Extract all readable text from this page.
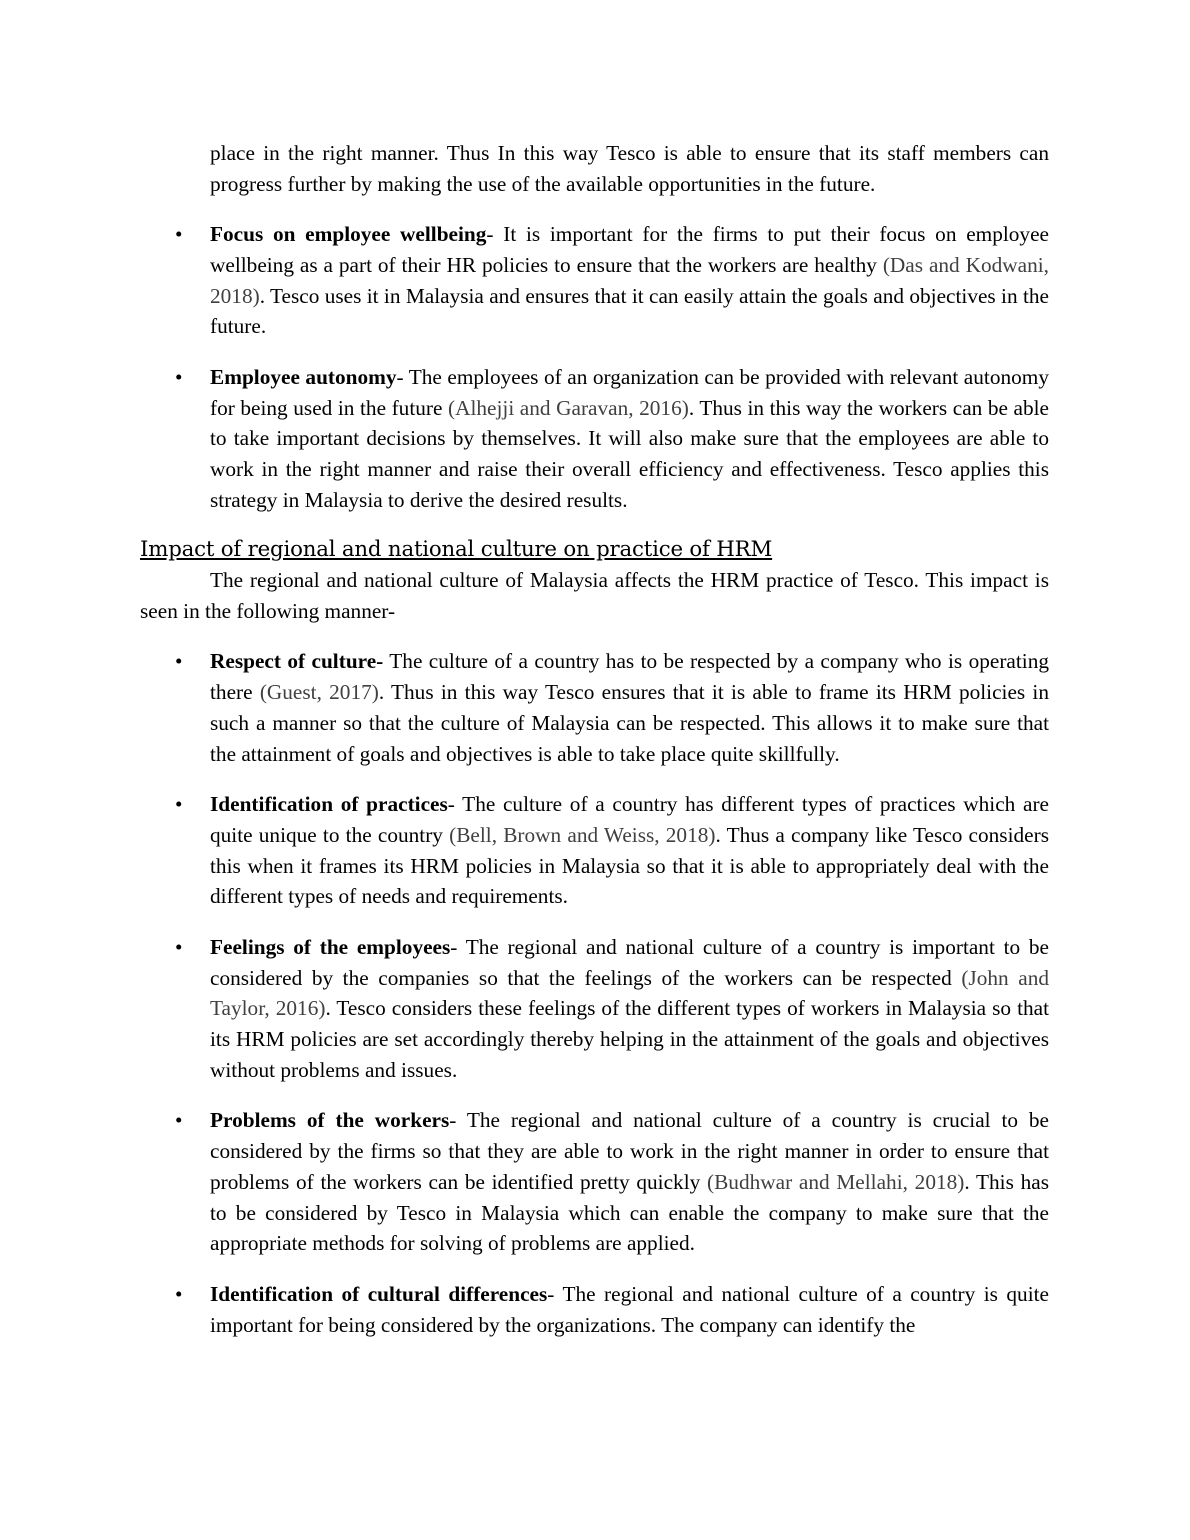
place in the right manner. Thus In this way Tesco is able to ensure that its staff members can progress further by making the use of the available opportunities in the future.

• Focus on employee wellbeing- It is important for the firms to put their focus on employee wellbeing as a part of their HR policies to ensure that the workers are healthy (Das and Kodwani, 2018). Tesco uses it in Malaysia and ensures that it can easily attain the goals and objectives in the future.
• Employee autonomy- The employees of an organization can be provided with relevant autonomy for being used in the future (Alhejji and Garavan, 2016). Thus in this way the workers can be able to take important decisions by themselves. It will also make sure that the employees are able to work in the right manner and raise their overall efficiency and effectiveness. Tesco applies this strategy in Malaysia to derive the desired results.
Impact of regional and national culture on practice of HRM

The regional and national culture of Malaysia affects the HRM practice of Tesco. This impact is seen in the following manner-

• Respect of culture- The culture of a country has to be respected by a company who is operating there (Guest, 2017). Thus in this way Tesco ensures that it is able to frame its HRM policies in such a manner so that the culture of Malaysia can be respected. This allows it to make sure that the attainment of goals and objectives is able to take place quite skillfully.
• Identification of practices- The culture of a country has different types of practices which are quite unique to the country (Bell, Brown and Weiss, 2018). Thus a company like Tesco considers this when it frames its HRM policies in Malaysia so that it is able to appropriately deal with the different types of needs and requirements.
• Feelings of the employees- The regional and national culture of a country is important to be considered by the companies so that the feelings of the workers can be respected (John and Taylor, 2016). Tesco considers these feelings of the different types of workers in Malaysia so that its HRM policies are set accordingly thereby helping in the attainment of the goals and objectives without problems and issues.
• Problems of the workers- The regional and national culture of a country is crucial to be considered by the firms so that they are able to work in the right manner in order to ensure that problems of the workers can be identified pretty quickly (Budhwar and Mellahi, 2018). This has to be considered by Tesco in Malaysia which can enable the company to make sure that the appropriate methods for solving of problems are applied.
• Identification of cultural differences- The regional and national culture of a country is quite important for being considered by the organizations. The company can identify the
